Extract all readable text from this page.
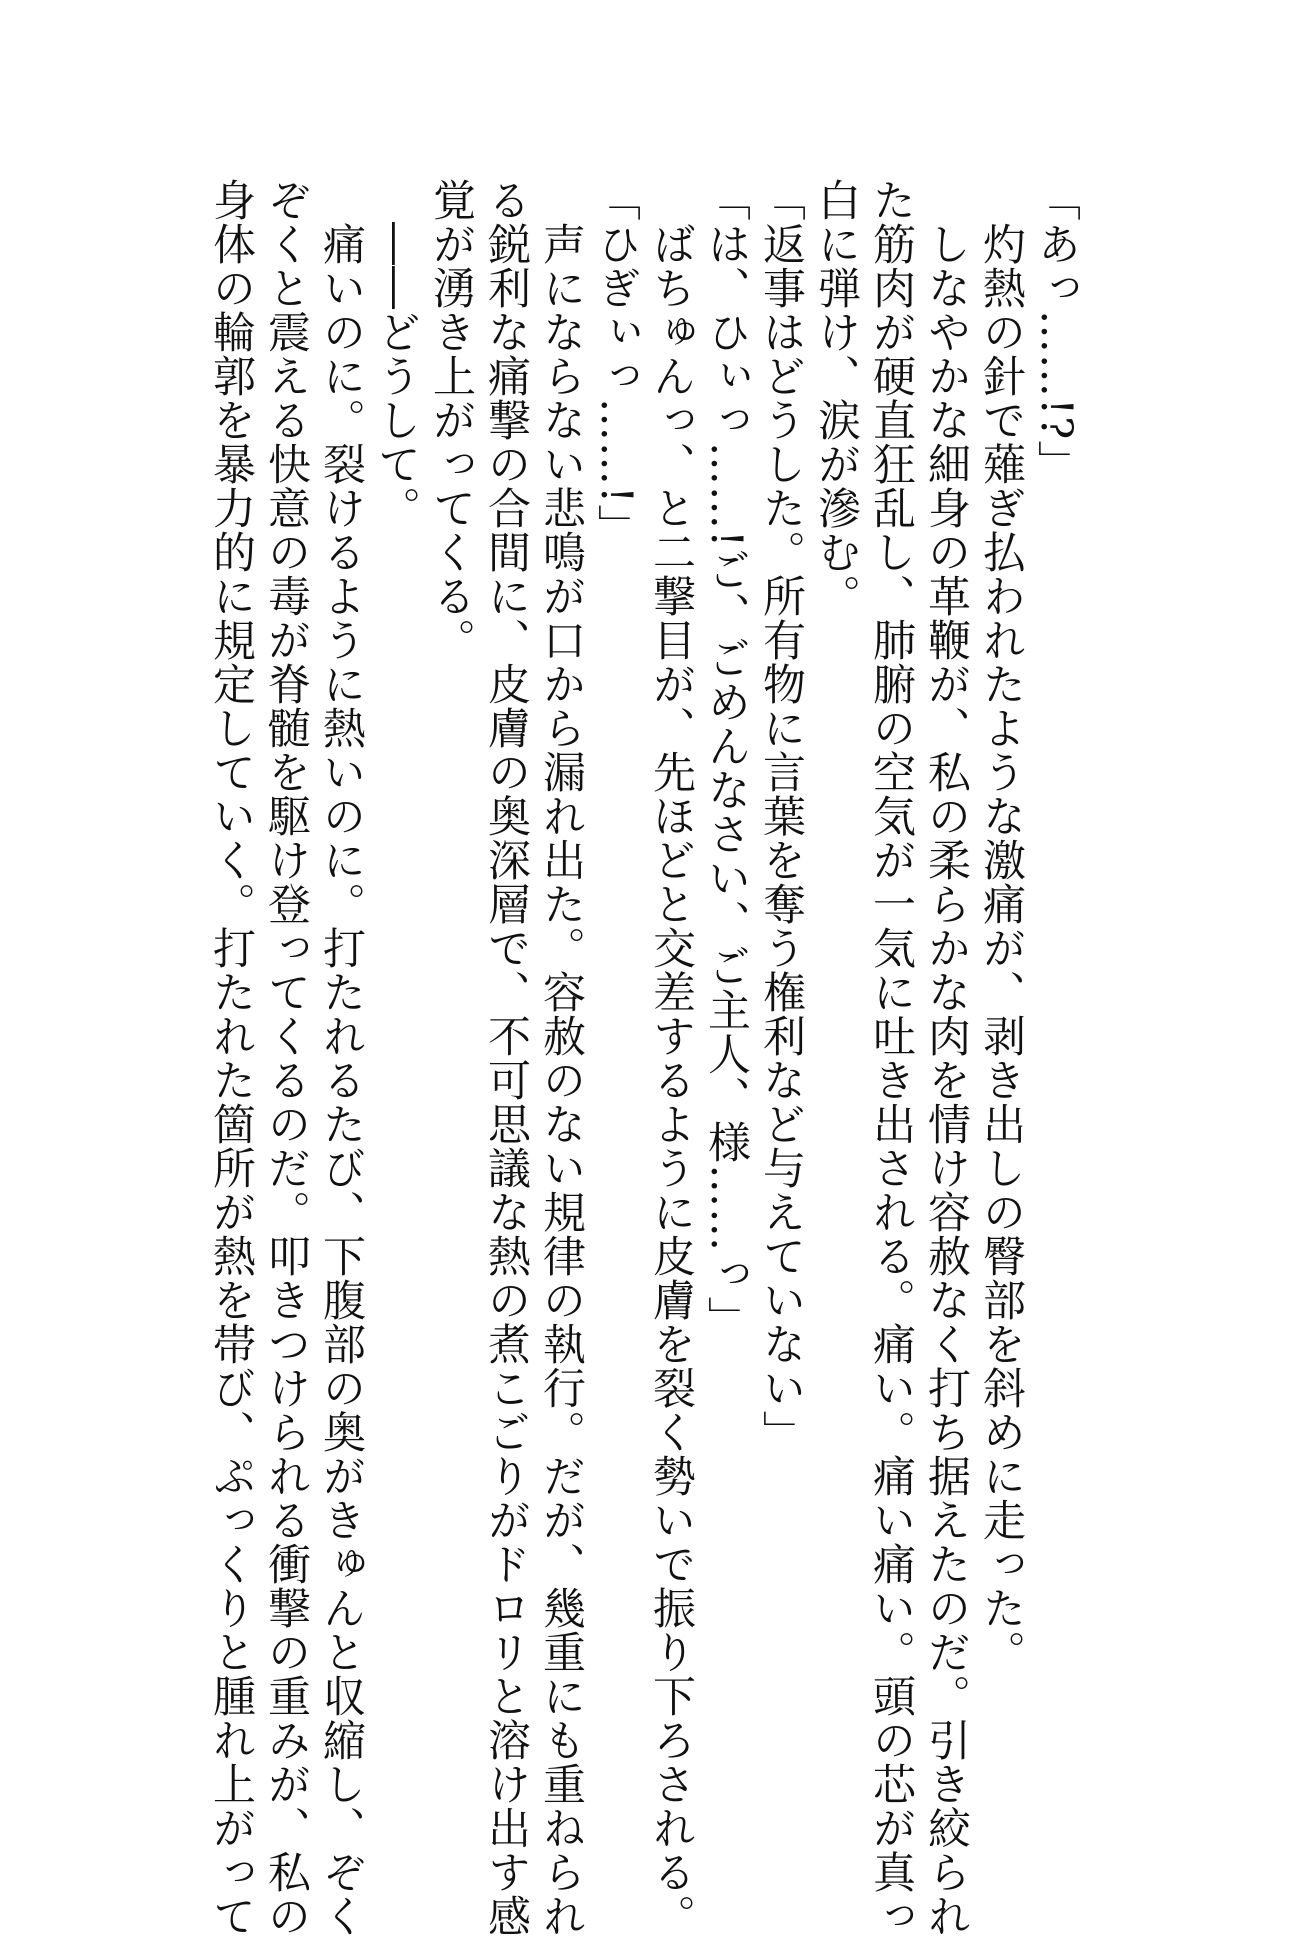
「あっ……!?」

　灼熱の針で薙ぎ払われたような激痛が、剥き出しの臀部を斜めに走った。

　しなやかな細身の革鞭が、私の柔らかな肉を情け容赦なく打ち据えたのだ。引き絞られ

た筋肉が硬直狂乱し、肺腑の空気が一気に吐き出される。痛い。痛い痛い。頭の芯が真っ

白に弾け、涙が滲む。

「返事はどうした。所有物に言葉を奪う権利など与えていない」

「は、ひぃっ……!ご、ごめんなさい、ご主人、様……っ」

　ばちゅんっ、と二撃目が、先ほどと交差するように皮膚を裂く勢いで振り下ろされる。

「ひぎぃっ……!」

　声にならない悲鳴が口から漏れ出た。容赦のない規律の執行。だが、幾重にも重ねられ

る鋭利な痛撃の合間に、皮膚の奥深層で、不可思議な熱の煮こごりがドロリと溶け出す感

覚が湧き上がってくる。

　――どうして。

　痛いのに。裂けるように熱いのに。打たれるたび、下腹部の奥がきゅんと収縮し、ぞく

ぞくと震える快意の毒が脊髄を駆け登ってくるのだ。叩きつけられる衝撃の重みが、私の

身体の輪郭を暴力的に規定していく。打たれた箇所が熱を帯び、ぷっくりと腫れ上がって
